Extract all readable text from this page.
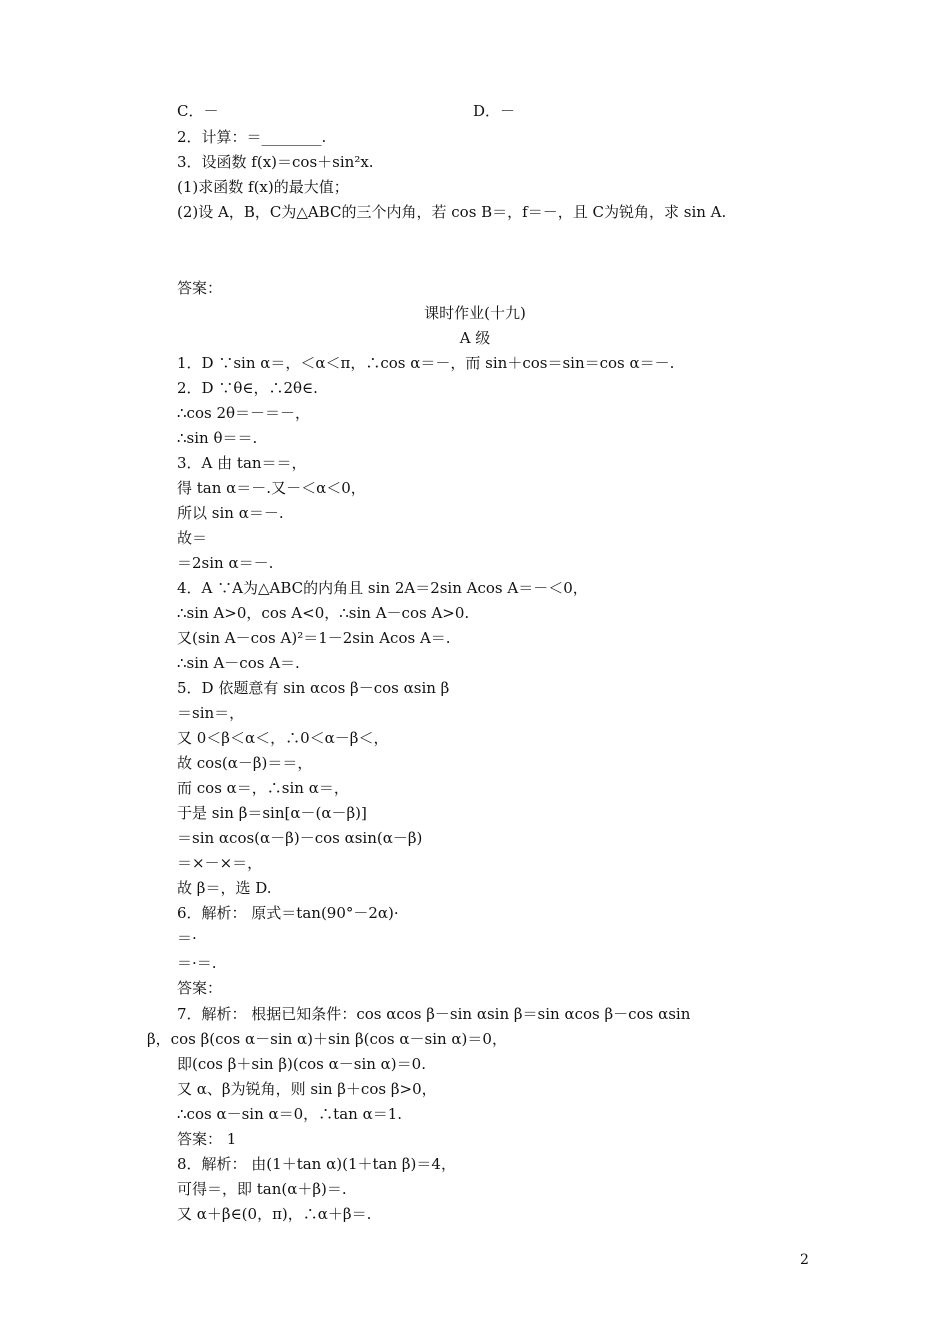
C．－	D．－
2．计算：＝________.
3．设函数 f(x)＝cos＋sin²x.
(1)求函数 f(x)的最大值；
(2)设 A，B，C为△ABC的三个内角，若 cos B＝，f＝－，且 C为锐角，求 sin A.
答案：
课时作业(十九)
A 级
1．D ∵sin α＝，＜α＜π，∴cos α＝－，而 sin＋cos＝sin＝cos α＝－.
2．D ∵θ∈，∴2θ∈.
∴cos 2θ＝－＝－，
∴sin θ＝＝.
3．A 由 tan＝＝，
得 tan α＝－.又－＜α＜0，
所以 sin α＝－.
故＝
＝2sin α＝－.
4．A ∵A为△ABC的内角且 sin 2A＝2sin Acos A＝－＜0，
∴sin A>0，cos A<0，∴sin A－cos A>0.
又(sin A－cos A)²＝1－2sin Acos A＝.
∴sin A－cos A＝.
5．D 依题意有 sin αcos β－cos αsin β
＝sin＝，
又 0＜β＜α＜，∴0＜α－β＜，
故 cos(α－β)＝＝，
而 cos α＝，∴sin α＝，
于是 sin β＝sin[α－(α－β)]
＝sin αcos(α－β)－cos αsin(α－β)
＝×－×＝，
故 β＝，选 D.
6．解析： 原式＝tan(90°－2α)·
＝·
＝·＝.
答案：
7．解析： 根据已知条件：cos αcos β－sin αsin β＝sin αcos β－cos αsin
β，cos β(cos α－sin α)＋sin β(cos α－sin α)＝0，
即(cos β＋sin β)(cos α－sin α)＝0.
又 α、β为锐角，则 sin β＋cos β>0，
∴cos α－sin α＝0，∴tan α＝1.
答案： 1
8．解析： 由(1＋tan α)(1＋tan β)＝4，
可得＝，即 tan(α＋β)＝.
又 α＋β∈(0，π)，∴α＋β＝.
2
